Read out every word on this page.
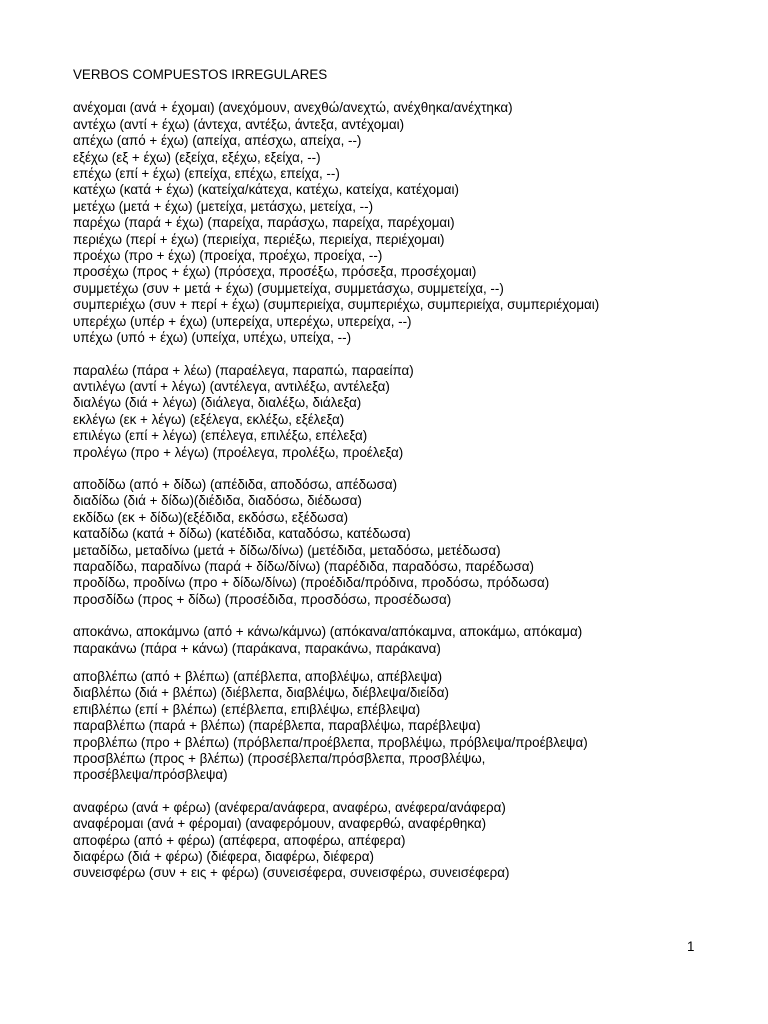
VERBOS COMPUESTOS IRREGULARES
ανέχομαι (ανά + έχομαι) (ανεχόμουν, ανεχθώ/ανεχτώ, ανέχθηκα/ανέχτηκα)
αντέχω (αντί + έχω) (άντεχα, αντέξω, άντεξα, αντέχομαι)
απέχω (από + έχω) (απείχα, απέσχω, απείχα, --)
εξέχω (εξ + έχω) (εξείχα, εξέχω, εξείχα, --)
επέχω (επί + έχω) (επείχα, επέχω, επείχα, --)
κατέχω (κατά + έχω) (κατείχα/κάτεχα, κατέχω, κατείχα, κατέχομαι)
μετέχω (μετά + έχω) (μετείχα, μετάσχω, μετείχα, --)
παρέχω (παρά + έχω) (παρείχα, παράσχω, παρείχα, παρέχομαι)
περιέχω (περί + έχω) (περιείχα, περιέξω, περιείχα, περιέχομαι)
προέχω (προ + έχω) (προείχα, προέχω, προείχα, --)
προσέχω (προς + έχω) (πρόσεχα, προσέξω, πρόσεξα, προσέχομαι)
συμμετέχω (συν + μετά + έχω) (συμμετείχα, συμμετάσχω, συμμετείχα, --)
συμπεριέχω (συν + περί + έχω) (συμπεριείχα, συμπεριέχω, συμπεριείχα, συμπεριέχομαι)
υπερέχω (υπέρ + έχω) (υπερείχα, υπερέχω, υπερείχα, --)
υπέχω (υπό + έχω) (υπείχα, υπέχω, υπείχα, --)
παραλέω (πάρα + λέω) (παραέλεγα, παραπώ, παραείπα)
αντιλέγω (αντί + λέγω) (αντέλεγα, αντιλέξω, αντέλεξα)
διαλέγω (διά + λέγω) (διάλεγα, διαλέξω, διάλεξα)
εκλέγω (εκ + λέγω) (εξέλεγα, εκλέξω, εξέλεξα)
επιλέγω (επί + λέγω) (επέλεγα, επιλέξω, επέλεξα)
προλέγω (προ + λέγω) (προέλεγα, προλέξω, προέλεξα)
αποδίδω (από + δίδω) (απέδιδα, αποδόσω, απέδωσα)
διαδίδω (διά + δίδω)(διέδιδα, διαδόσω, διέδωσα)
εκδίδω (εκ + δίδω)(εξέδιδα, εκδόσω, εξέδωσα)
καταδίδω (κατά + δίδω) (κατέδιδα, καταδόσω, κατέδωσα)
μεταδίδω, μεταδίνω (μετά + δίδω/δίνω) (μετέδιδα, μεταδόσω, μετέδωσα)
παραδίδω, παραδίνω (παρά + δίδω/δίνω) (παρέδιδα, παραδόσω, παρέδωσα)
προδίδω, προδίνω (προ + δίδω/δίνω) (προέδιδα/πρόδινα, προδόσω, πρόδωσα)
προσδίδω (προς + δίδω) (προσέδιδα, προσδόσω, προσέδωσα)
αποκάνω, αποκάμνω (από + κάνω/κάμνω) (απόκανα/απόκαμνα, αποκάμω, απόκαμα)
παρακάνω (πάρα + κάνω) (παράκανα, παρακάνω, παράκανα)
αποβλέπω (από + βλέπω) (απέβλεπα, αποβλέψω, απέβλεψα)
διαβλέπω (διά + βλέπω) (διέβλεπα, διαβλέψω, διέβλεψα/διείδα)
επιβλέπω (επί + βλέπω) (επέβλεπα, επιβλέψω, επέβλεψα)
παραβλέπω (παρά + βλέπω) (παρέβλεπα, παραβλέψω, παρέβλεψα)
προβλέπω (προ + βλέπω) (πρόβλεπα/προέβλεπα, προβλέψω, πρόβλεψα/προέβλεψα)
προσβλέπω (προς + βλέπω) (προσέβλεπα/πρόσβλεπα, προσβλέψω,
προσέβλεψα/πρόσβλεψα)
αναφέρω (ανά + φέρω) (ανέφερα/ανάφερα, αναφέρω, ανέφερα/ανάφερα)
αναφέρομαι (ανά + φέρομαι) (αναφερόμουν, αναφερθώ, αναφέρθηκα)
αποφέρω (από + φέρω) (απέφερα, αποφέρω, απέφερα)
διαφέρω (διά + φέρω) (διέφερα, διαφέρω, διέφερα)
συνεισφέρω (συν + εις + φέρω) (συνεισέφερα, συνεισφέρω, συνεισέφερα)
1
